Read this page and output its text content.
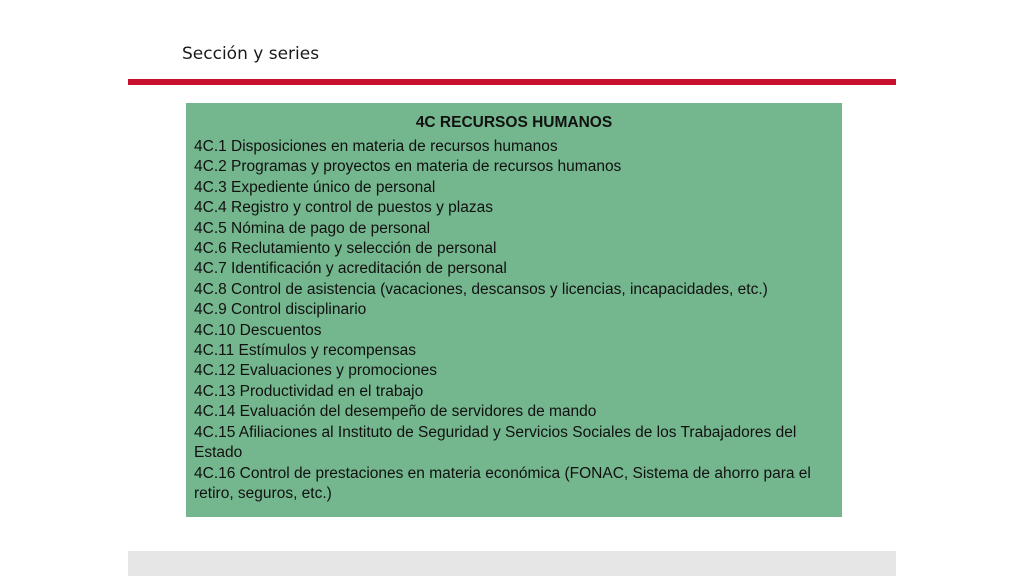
Sección y series
4C RECURSOS HUMANOS
4C.1 Disposiciones en materia de recursos humanos
4C.2 Programas y proyectos en materia de recursos humanos
4C.3 Expediente único de personal
4C.4 Registro y control de puestos y plazas
4C.5 Nómina de pago de personal
4C.6 Reclutamiento y selección de personal
4C.7 Identificación y acreditación de personal
4C.8 Control de asistencia (vacaciones, descansos y licencias, incapacidades, etc.)
4C.9 Control disciplinario
4C.10 Descuentos
4C.11 Estímulos y recompensas
4C.12 Evaluaciones y promociones
4C.13 Productividad en el trabajo
4C.14 Evaluación del desempeño de servidores de mando
4C.15 Afiliaciones al Instituto de Seguridad y Servicios Sociales de los Trabajadores del Estado
4C.16 Control de prestaciones en materia económica (FONAC, Sistema de ahorro para el retiro, seguros, etc.)
